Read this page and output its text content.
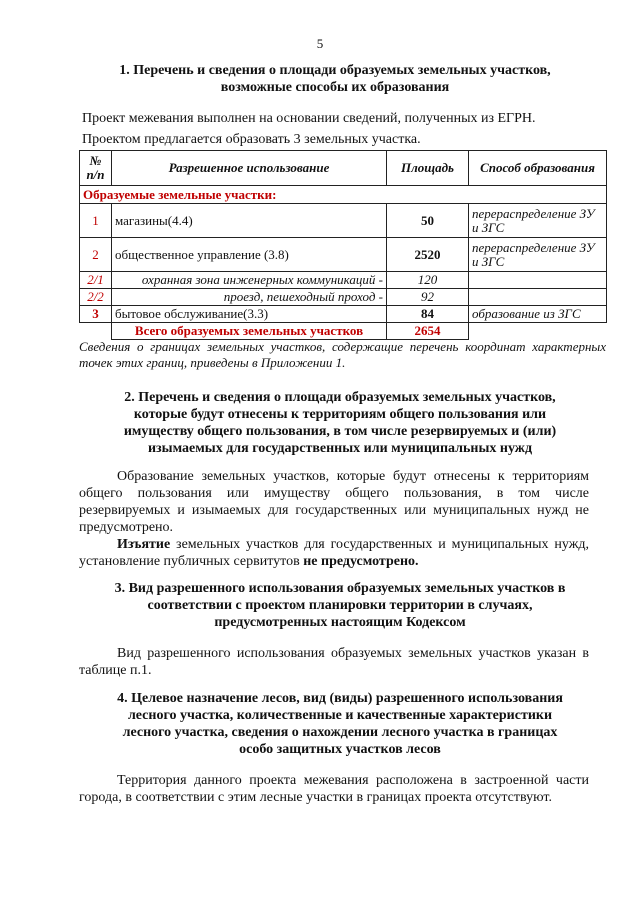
5
1. Перечень и сведения о площади образуемых земельных участков,
возможные способы их образования
Проект межевания выполнен на основании сведений, полученных из ЕГРН.
Проектом предлагается образовать 3 земельных участка.
№ п/п	Разрешенное использование	Площадь	Способ образования
Образуемые земельные участки:			
1	магазины(4.4)	50	перераспределение ЗУ и ЗГС
2	общественное управление (3.8)	2520	перераспределение ЗУ и ЗГС
2/1	охранная зона инженерных коммуникаций -	120	
2/2	проезд, пешеходный проход -	92	
3	бытовое обслуживание(3.3)	84	образование из ЗГС
	Всего образуемых земельных участков	2654	
Сведения о границах земельных участков, содержащие перечень координат характерных точек этих границ, приведены в Приложении 1.
2. Перечень и сведения о площади образуемых земельных участков,
которые будут отнесены к территориям общего пользования или
имуществу общего пользования, в том числе резервируемых и (или)
изымаемых для государственных или муниципальных нужд
Образование земельных участков, которые будут отнесены к территориям общего пользования или имуществу общего пользования, в том числе резервируемых и изымаемых для государственных или муниципальных нужд не предусмотрено.
Изъятие земельных участков для государственных и муниципальных нужд, установление публичных сервитутов не предусмотрено.
3. Вид разрешенного использования образуемых земельных участков в
соответствии с проектом планировки территории в случаях,
предусмотренных настоящим Кодексом
Вид разрешенного использования образуемых земельных участков указан в таблице п.1.
4. Целевое назначение лесов, вид (виды) разрешенного использования
лесного участка, количественные и качественные характеристики
лесного участка, сведения о нахождении лесного участка в границах
особо защитных участков лесов
Территория данного проекта межевания расположена в застроенной части города, в соответствии с этим лесные участки в границах проекта отсутствуют.
